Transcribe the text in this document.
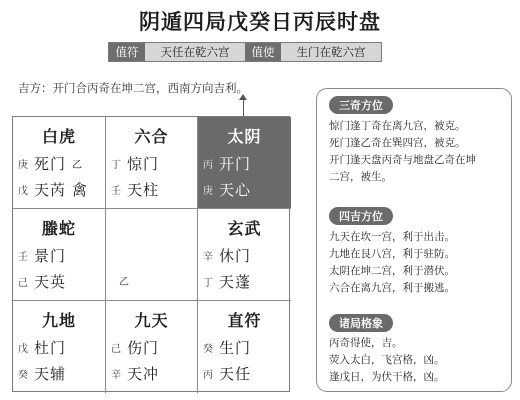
阴遁四局戊癸日丙辰时盘
值符	天任在乾六宫	值使	生门在乾六宫
吉方：开门合丙奇在坤二宫，西南方向吉利。
白虎
庚 死门 乙
戊 天芮 禽
六合
丁 惊门
壬 天柱
太阴
丙 开门
庚 天心
螣蛇
壬 景门
己 天英	乙
玄武
辛 休门
丁 天蓬
九地
戊 杜门
癸 天辅
九天
己 伤门
辛 天冲
直符
癸 生门
丙 天任
三奇方位
惊门逢丁奇在离九宫，被克。
死门逢乙奇在巽四宫，被克。
开门逢天盘丙奇与地盘乙奇在坤
二宫，被生。
四吉方位
九天在坎一宫，利于出击。
九地在艮八宫，利于驻防。
太阴在坤二宫，利于潜伏。
六合在离九宫，利于搬逃。
诸局格象
丙奇得使，吉。
荧入太白，飞宫格，凶。
逢戊日，为伏干格，凶。
